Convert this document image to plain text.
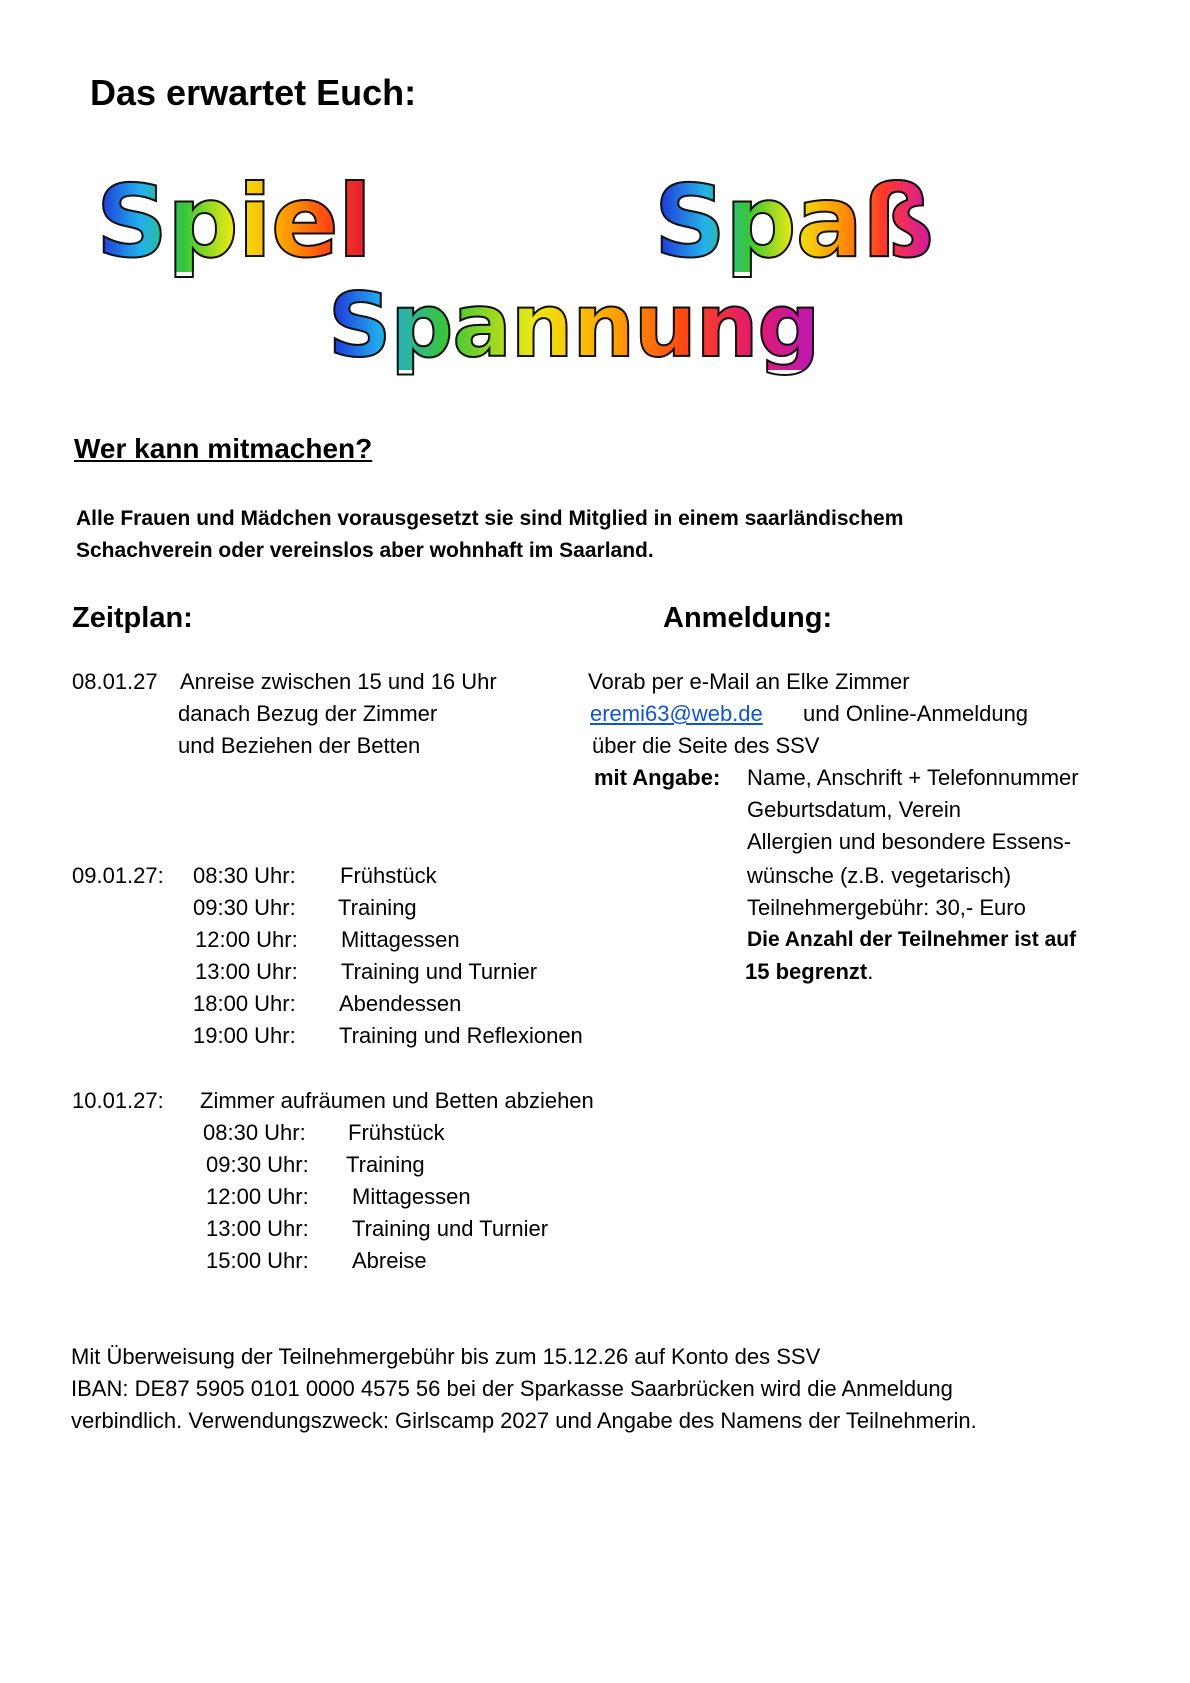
Das erwartet Euch:
Spiel	Spaß
Spannung
Wer kann mitmachen?
Alle Frauen und Mädchen vorausgesetzt sie sind Mitglied in einem saarländischem
Schachverein oder vereinslos aber wohnhaft im Saarland.
Zeitplan:	Anmeldung:
08.01.27 Anreise zwischen 15 und 16 Uhr
danach Bezug der Zimmer
und Beziehen der Betten
09.01.27: 08:30 Uhr: Frühstück
09:30 Uhr: Training
12:00 Uhr: Mittagessen
13:00 Uhr: Training und Turnier
18:00 Uhr: Abendessen
19:00 Uhr: Training und Reflexionen
10.01.27: Zimmer aufräumen und Betten abziehen
08:30 Uhr: Frühstück
09:30 Uhr: Training
12:00 Uhr: Mittagessen
13:00 Uhr: Training und Turnier
15:00 Uhr: Abreise
Vorab per e-Mail an Elke Zimmer
eremi63@web.de und Online-Anmeldung
über die Seite des SSV
mit Angabe: Name, Anschrift + Telefonnummer
Geburtsdatum, Verein
Allergien und besondere Essens-
wünsche (z.B. vegetarisch)
Teilnehmergebühr: 30,- Euro
Die Anzahl der Teilnehmer ist auf
15 begrenzt.
Mit Überweisung der Teilnehmergebühr bis zum 15.12.26 auf Konto des SSV
IBAN: DE87 5905 0101 0000 4575 56 bei der Sparkasse Saarbrücken wird die Anmeldung
verbindlich. Verwendungszweck: Girlscamp 2027 und Angabe des Namens der Teilnehmerin.
